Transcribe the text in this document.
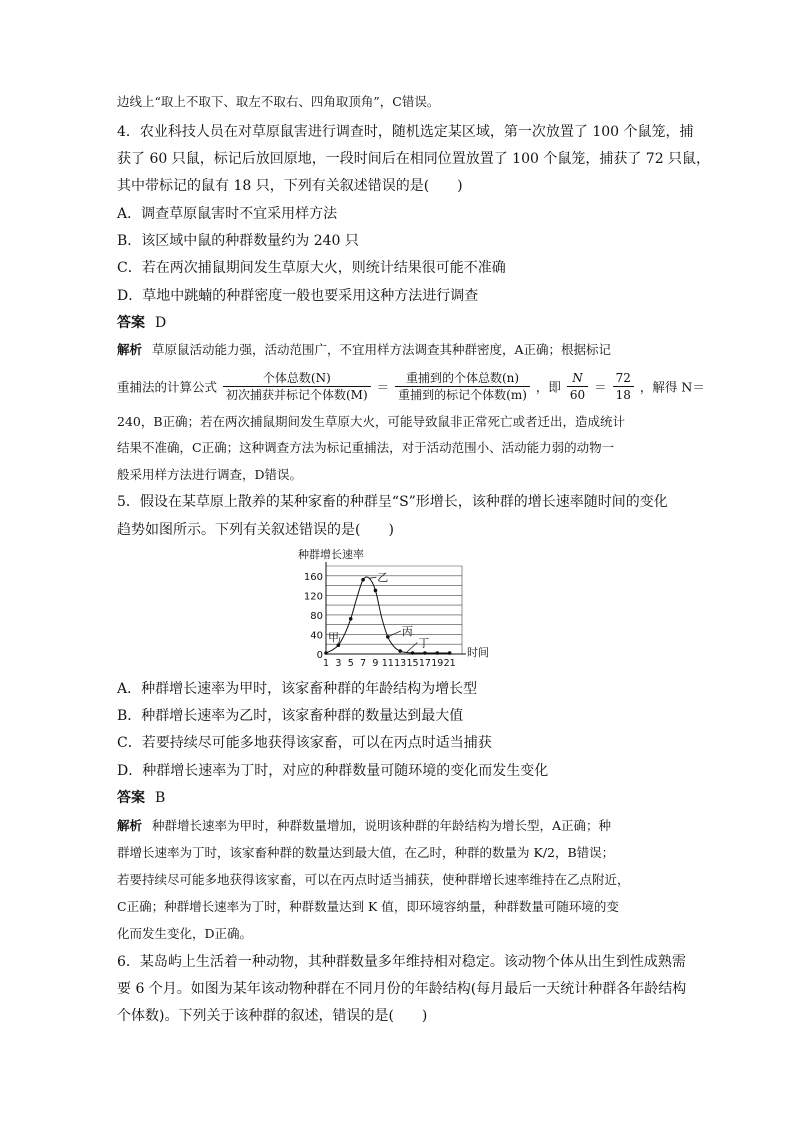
边线上“取上不取下、取左不取右、四角取顶角”，C错误。
4．农业科技人员在对草原鼠害进行调查时，随机选定某区域，第一次放置了 100 个鼠笼，捕
获了 60 只鼠，标记后放回原地，一段时间后在相同位置放置了 100 个鼠笼，捕获了 72 只鼠，
其中带标记的鼠有 18 只，下列有关叙述错误的是(　　)
A．调查草原鼠害时不宜采用样方法
B．该区域中鼠的种群数量约为 240 只
C．若在两次捕鼠期间发生草原大火，则统计结果很可能不准确
D．草地中跳蝻的种群密度一般也要采用这种方法进行调查
答案 D
解析 草原鼠活动能力强，活动范围广，不宜用样方法调查其种群密度，A正确；根据标记
重捕法的计算公式 $\frac{\text{个体总数(N)}}{\text{初次捕获并标记个体数(M)}} = \frac{\text{重捕到的个体总数(n)}}{\text{重捕到的标记个体数(m)}}$ ，即 $\frac{N}{60} = \frac{72}{18}$ ，解得 N＝
240，B正确；若在两次捕鼠期间发生草原大火，可能导致鼠非正常死亡或者迁出，造成统计
结果不准确，C正确；这种调查方法为标记重捕法，对于活动范围小、活动能力弱的动物一
般采用样方法进行调查，D错误。
5．假设在某草原上散养的某种家畜的种群呈“S”形增长，该种群的增长速率随时间的变化
趋势如图所示。下列有关叙述错误的是(　　)
0
40
80
120
160
1 3 5 7 9 11 13 15 17 19 21
甲
乙
丙
丁
种群增长速率
时间
A．种群增长速率为甲时，该家畜种群的年龄结构为增长型
B．种群增长速率为乙时，该家畜种群的数量达到最大值
C．若要持续尽可能多地获得该家畜，可以在丙点时适当捕获
D．种群增长速率为丁时，对应的种群数量可随环境的变化而发生变化
答案 B
解析 种群增长速率为甲时，种群数量增加，说明该种群的年龄结构为增长型，A正确；种
群增长速率为丁时，该家畜种群的数量达到最大值，在乙时，种群的数量为 K/2，B错误；
若要持续尽可能多地获得该家畜，可以在丙点时适当捕获，使种群增长速率维持在乙点附近，
C正确；种群增长速率为丁时，种群数量达到 K 值，即环境容纳量，种群数量可随环境的变
化而发生变化，D正确。
6．某岛屿上生活着一种动物，其种群数量多年维持相对稳定。该动物个体从出生到性成熟需
要 6 个月。如图为某年该动物种群在不同月份的年龄结构(每月最后一天统计种群各年龄结构
个体数)。下列关于该种群的叙述，错误的是(　　)
